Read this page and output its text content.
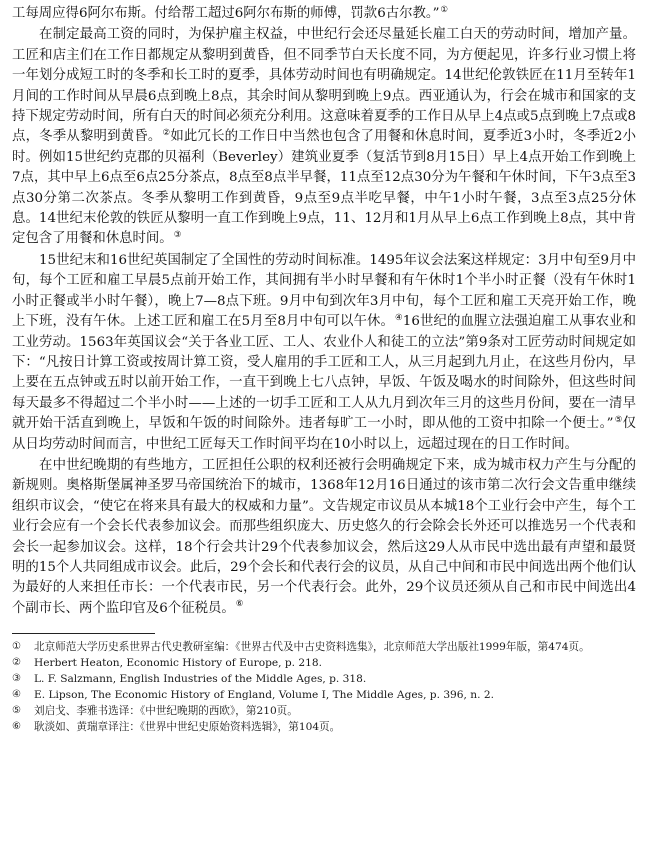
工每周应得6阿尔布斯。付给帮工超过6阿尔布斯的师傅，罚款6古尔教。”①

在制定最高工资的同时，为保护雇主权益，中世纪行会还尽量延长雇工白天的劳动时间，增加产量。工匠和店主们在工作日都规定从黎明到黄昏，但不同季节白天长度不同，为方便起见，许多行业习惯上将一年划分成短工时的冬季和长工时的夏季，具体劳动时间也有明确规定。14世纪伦敦铁匠在11月至转年1月间的工作时间从早晨6点到晚上8点，其余时间从黎明到晚上9点。西亚通认为，行会在城市和国家的支持下规定劳动时间，所有白天的时间必须充分利用。这意味着夏季的工作日从早上4点或5点到晚上7点或8点，冬季从黎明到黄昏。②如此冗长的工作日中当然也包含了用餐和休息时间，夏季近3小时，冬季近2小时。例如15世纪约克郡的贝福利（Beverley）建筑业夏季（复活节到8月15日）早上4点开始工作到晚上7点，其中早上6点至6点25分茶点，8点至8点半早餐，11点至12点30分为午餐和午休时间，下午3点至3点30分第二次茶点。冬季从黎明工作到黄昏，9点至9点半吃早餐，中午1小时午餐，3点至3点25分休息。14世纪末伦敦的铁匠从黎明一直工作到晚上9点，11、12月和1月从早上6点工作到晚上8点，其中肯定包含了用餐和休息时间。③

15世纪末和16世纪英国制定了全国性的劳动时间标准。1495年议会法案这样规定：3月中旬至9月中旬，每个工匠和雇工早晨5点前开始工作，其间拥有半小时早餐和有午休时1个半小时正餐（没有午休时1小时正餐或半小时午餐），晚上7—8点下班。9月中旬到次年3月中旬，每个工匠和雇工天亮开始工作，晚上下班，没有午休。上述工匠和雇工在5月至8月中旬可以午休。④16世纪的血腥立法强迫雇工从事农业和工业劳动。1563年英国议会“关于各业工匠、工人、农业仆人和徒工的立法”第9条对工匠劳动时间规定如下：“凡按日计算工资或按周计算工资，受人雇用的手工匠和工人，从三月起到九月止，在这些月份内，早上要在五点钟或五时以前开始工作，一直干到晚上七八点钟，早饭、午饭及喝水的时间除外，但这些时间每天最多不得超过二个半小时——上述的一切手工匠和工人从九月到次年三月的这些月份间，要在一清早就开始干活直到晚上，早饭和午饭的时间除外。违者每旷工一小时，即从他的工资中扣除一个便士。”⑤仅从日均劳动时间而言，中世纪工匠每天工作时间平均在10小时以上，远超过现在的日工作时间。

在中世纪晚期的有些地方，工匠担任公职的权利还被行会明确规定下来，成为城市权力产生与分配的新规则。奥格斯堡属神圣罗马帝国统治下的城市，1368年12月16日通过的该市第二次行会文告重申继续组织市议会，“使它在将来具有最大的权威和力量”。文告规定市议员从本城18个工业行会中产生，每个工业行会应有一个会长代表参加议会。而那些组织庞大、历史悠久的行会除会长外还可以推选另一个代表和会长一起参加议会。这样，18个行会共计29个代表参加议会，然后这29人从市民中选出最有声望和最贤明的15个人共同组成市议会。此后，29个会长和代表行会的议员，从自己中间和市民中间选出两个他们认为最好的人来担任市长：一个代表市民，另一个代表行会。此外，29个议员还须从自己和市民中间选出4个副市长、两个监印官及6个征税员。⑥

①	北京师范大学历史系世界古代史教研室编：《世界古代及中古史资料选集》，北京师范大学出版社1999年版，第474页。
②	Herbert Heaton, Economic History of Europe, p. 218.
③	L. F. Salzmann, English Industries of the Middle Ages, p. 318.
④	E. Lipson, The Economic History of England, Volume I, The Middle Ages, p. 396, n. 2.
⑤	刘启戈、李雅书选译：《中世纪晚期的西欧》，第210页。
⑥	耿淡如、黄瑞章译注：《世界中世纪史原始资料选辑》，第104页。
